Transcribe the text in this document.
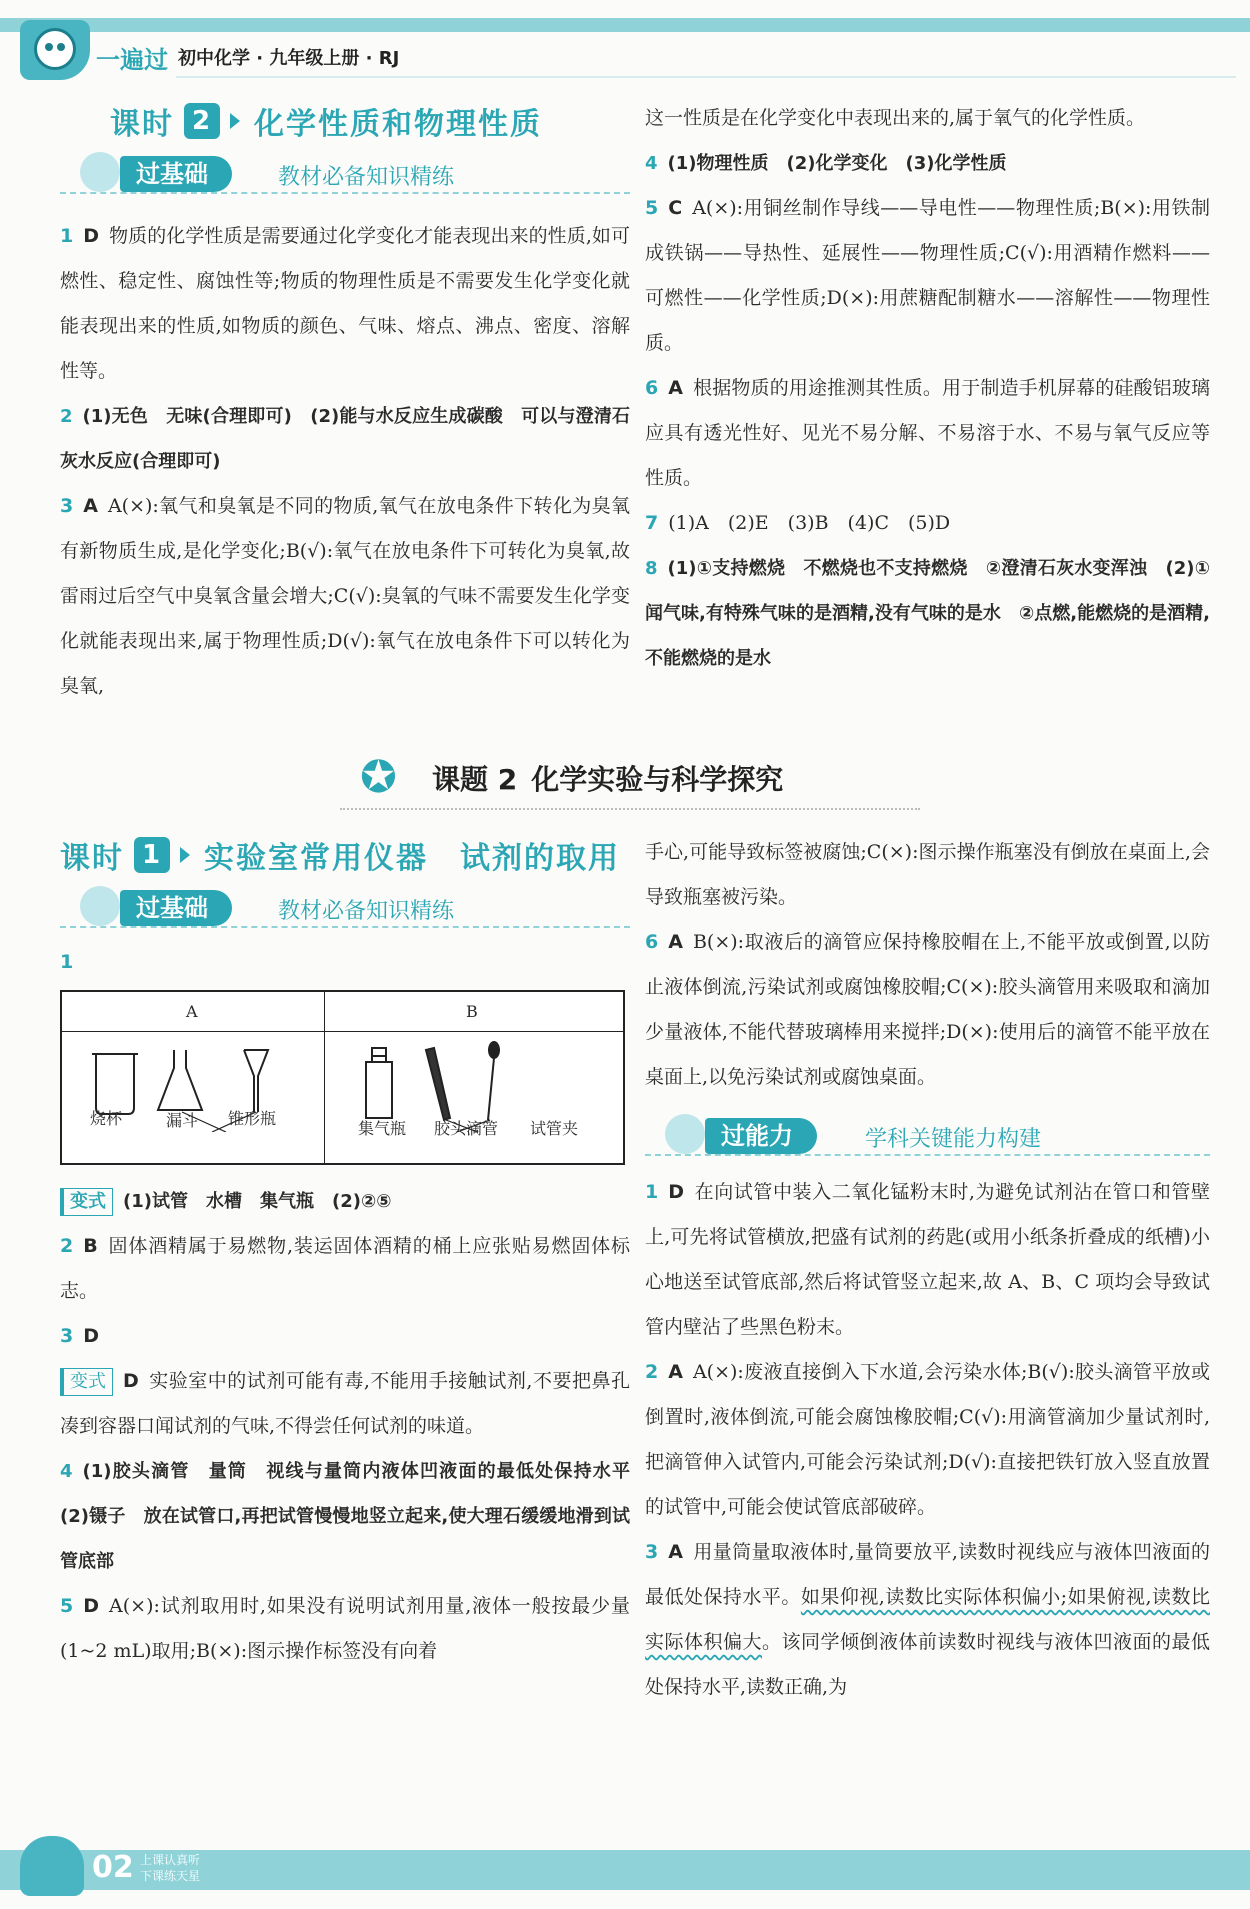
一遍过 初中化学 · 九年级上册 · RJ
课时 2 化学性质和物理性质
过基础	教材必备知识精练
1 D 物质的化学性质是需要通过化学变化才能表现出来的性质,如可燃性、稳定性、腐蚀性等;物质的物理性质是不需要发生化学变化就能表现出来的性质,如物质的颜色、气味、熔点、沸点、密度、溶解性等。
2 (1)无色　无味(合理即可)　(2)能与水反应生成碳酸　可以与澄清石灰水反应(合理即可)
3 A A(×):氧气和臭氧是不同的物质,氧气在放电条件下转化为臭氧有新物质生成,是化学变化;B(√):氧气在放电条件下可转化为臭氧,故雷雨过后空气中臭氧含量会增大;C(√):臭氧的气味不需要发生化学变化就能表现出来,属于物理性质;D(√):氧气在放电条件下可以转化为臭氧,
这一性质是在化学变化中表现出来的,属于氧气的化学性质。
4 (1)物理性质　(2)化学变化　(3)化学性质
5 C A(×):用铜丝制作导线——导电性——物理性质;B(×):用铁制成铁锅——导热性、延展性——物理性质;C(√):用酒精作燃料——可燃性——化学性质;D(×):用蔗糖配制糖水——溶解性——物理性质。
6 A 根据物质的用途推测其性质。用于制造手机屏幕的硅酸铝玻璃应具有透光性好、见光不易分解、不易溶于水、不易与氧气反应等性质。
7 (1)A　(2)E　(3)B　(4)C　(5)D
8 (1)①支持燃烧　不燃烧也不支持燃烧　②澄清石灰水变浑浊　(2)①闻气味,有特殊气味的是酒精,没有气味的是水　②点燃,能燃烧的是酒精,不能燃烧的是水
✪	课题 2 化学实验与科学探究
课时 1 实验室常用仪器　试剂的取用
过基础	教材必备知识精练
1
A	B
烧杯	漏斗 锥形瓶
集气瓶 胶头滴管 试管夹
变式 (1)试管　水槽　集气瓶　(2)②⑤
2 B 固体酒精属于易燃物,装运固体酒精的桶上应张贴易燃固体标志。
3 D
变式 D 实验室中的试剂可能有毒,不能用手接触试剂,不要把鼻孔凑到容器口闻试剂的气味,不得尝任何试剂的味道。
4 (1)胶头滴管　量筒　视线与量筒内液体凹液面的最低处保持水平　(2)镊子　放在试管口,再把试管慢慢地竖立起来,使大理石缓缓地滑到试管底部
5 D A(×):试剂取用时,如果没有说明试剂用量,液体一般按最少量(1~2 mL)取用;B(×):图示操作标签没有向着
手心,可能导致标签被腐蚀;C(×):图示操作瓶塞没有倒放在桌面上,会导致瓶塞被污染。
6 A B(×):取液后的滴管应保持橡胶帽在上,不能平放或倒置,以防止液体倒流,污染试剂或腐蚀橡胶帽;C(×):胶头滴管用来吸取和滴加少量液体,不能代替玻璃棒用来搅拌;D(×):使用后的滴管不能平放在桌面上,以免污染试剂或腐蚀桌面。
过能力	学科关键能力构建
1 D 在向试管中装入二氧化锰粉末时,为避免试剂沾在管口和管壁上,可先将试管横放,把盛有试剂的药匙(或用小纸条折叠成的纸槽)小心地送至试管底部,然后将试管竖立起来,故 A、B、C 项均会导致试管内壁沾了些黑色粉末。
2 A A(×):废液直接倒入下水道,会污染水体;B(√):胶头滴管平放或倒置时,液体倒流,可能会腐蚀橡胶帽;C(√):用滴管滴加少量试剂时,把滴管伸入试管内,可能会污染试剂;D(√):直接把铁钉放入竖直放置的试管中,可能会使试管底部破碎。
3 A 用量筒量取液体时,量筒要放平,读数时视线应与液体凹液面的最低处保持水平。如果仰视,读数比实际体积偏小;如果俯视,读数比实际体积偏大。该同学倾倒液体前读数时视线与液体凹液面的最低处保持水平,读数正确,为
02 上课认真听 下课练天星
